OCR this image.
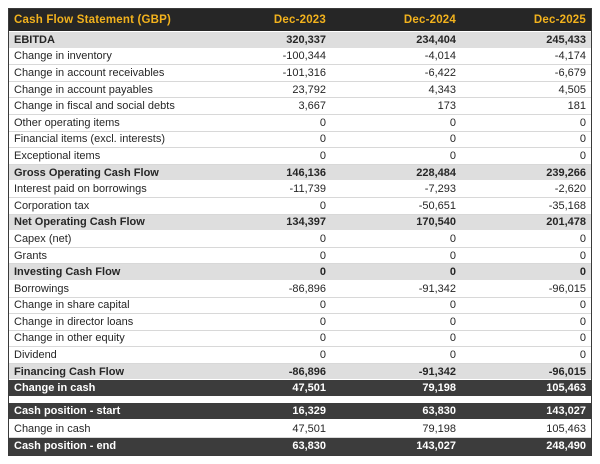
Cash Flow Statement (GBP)	Dec-2023	Dec-2024	Dec-2025
EBITDA	320,337	234,404	245,433
Change in inventory	-100,344	-4,014	-4,174
Change in account receivables	-101,316	-6,422	-6,679
Change in account payables	23,792	4,343	4,505
Change in fiscal and social debts	3,667	173	181
Other operating items	0	0	0
Financial items (excl. interests)	0	0	0
Exceptional items	0	0	0
Gross Operating Cash Flow	146,136	228,484	239,266
Interest paid on borrowings	-11,739	-7,293	-2,620
Corporation tax	0	-50,651	-35,168
Net Operating Cash Flow	134,397	170,540	201,478
Capex (net)	0	0	0
Grants	0	0	0
Investing Cash Flow	0	0	0
Borrowings	-86,896	-91,342	-96,015
Change in share capital	0	0	0
Change in director loans	0	0	0
Change in other equity	0	0	0
Dividend	0	0	0
Financing Cash Flow	-86,896	-91,342	-96,015
Change in cash	47,501	79,198	105,463
Cash position - start	16,329	63,830	143,027
Change in cash	47,501	79,198	105,463
Cash position - end	63,830	143,027	248,490
